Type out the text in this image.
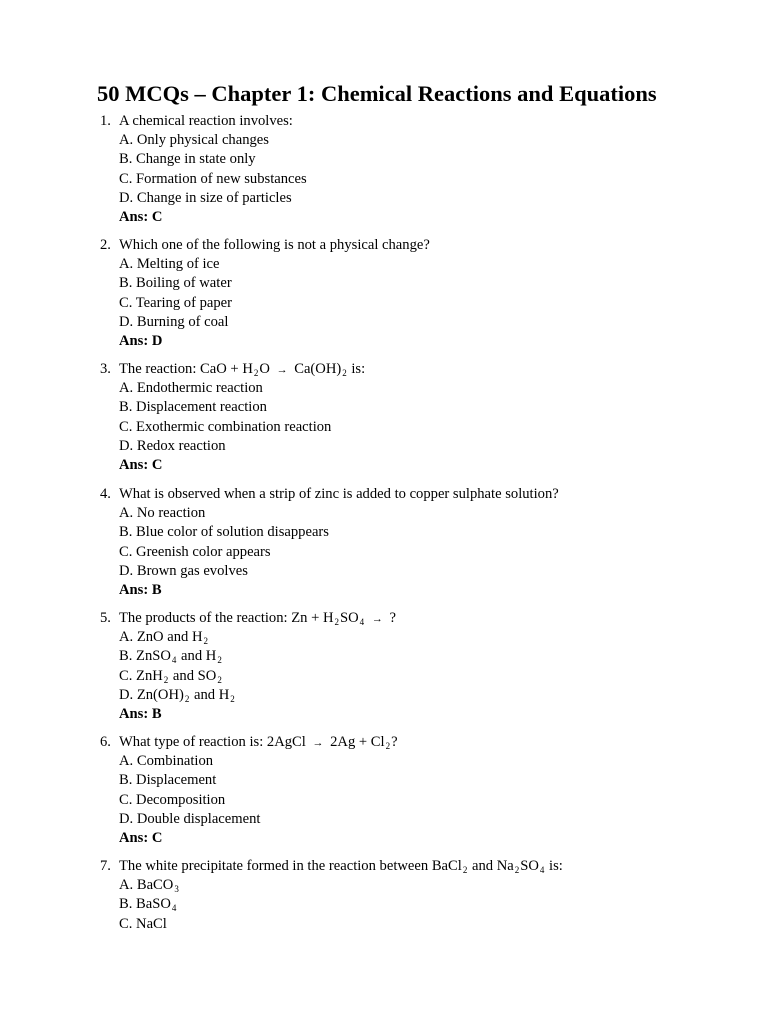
50 MCQs – Chapter 1: Chemical Reactions and Equations
1. A chemical reaction involves:
A. Only physical changes
B. Change in state only
C. Formation of new substances
D. Change in size of particles
Ans: C
2. Which one of the following is not a physical change?
A. Melting of ice
B. Boiling of water
C. Tearing of paper
D. Burning of coal
Ans: D
3. The reaction: CaO + $H_2O \to Ca(OH)_2$ is:
A. Endothermic reaction
B. Displacement reaction
C. Exothermic combination reaction
D. Redox reaction
Ans: C
4. What is observed when a strip of zinc is added to copper sulphate solution?
A. No reaction
B. Blue color of solution disappears
C. Greenish color appears
D. Brown gas evolves
Ans: B
5. The products of the reaction: $Zn + H_2SO_4$ → ?
A. ZnO and $H_2$
B. ZnSO$_4$ and $H_2$
C. ZnH$_2$ and $SO_2$
D. $Zn(OH)_2$ and $H_2$
Ans: B
6. What type of reaction is: 2AgCl → $2Ag + Cl_2$?
A. Combination
B. Displacement
C. Decomposition
D. Double displacement
Ans: C
7. The white precipitate formed in the reaction between BaCl$_2$ and $Na_2SO_4$ is:
A. BaCO$_3$
B. BaSO$_4$
C. NaCl
